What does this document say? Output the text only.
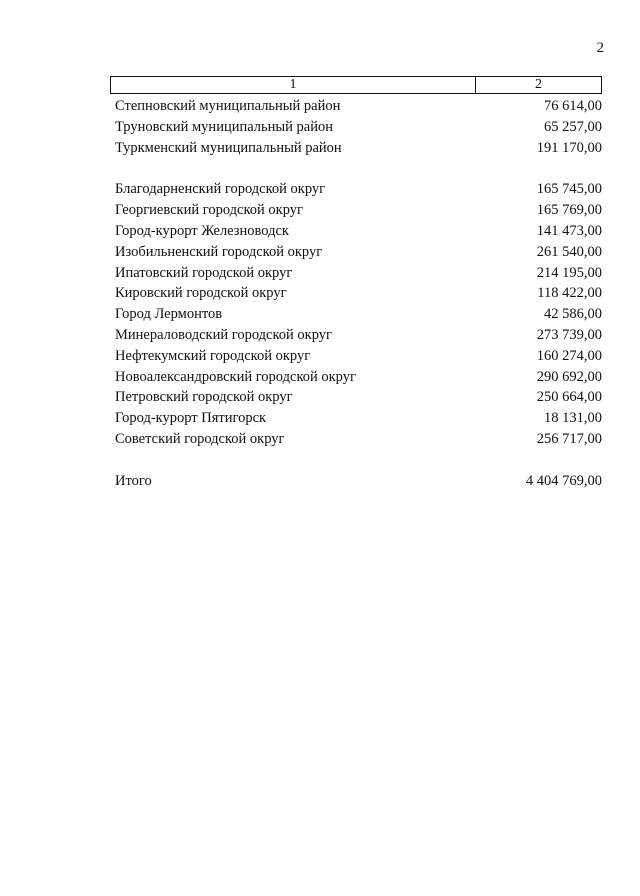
2
1	2
Степновский муниципальный район	76 614,00
Труновский муниципальный район	65 257,00
Туркменский муниципальный район	191 170,00
Благодарненский городской округ	165 745,00
Георгиевский городской округ	165 769,00
Город-курорт Железноводск	141 473,00
Изобильненский городской округ	261 540,00
Ипатовский городской округ	214 195,00
Кировский городской округ	118 422,00
Город Лермонтов	42 586,00
Минераловодский городской округ	273 739,00
Нефтекумский городской округ	160 274,00
Новоалександровский городской округ	290 692,00
Петровский городской округ	250 664,00
Город-курорт Пятигорск	18 131,00
Советский городской округ	256 717,00
Итого	4 404 769,00
